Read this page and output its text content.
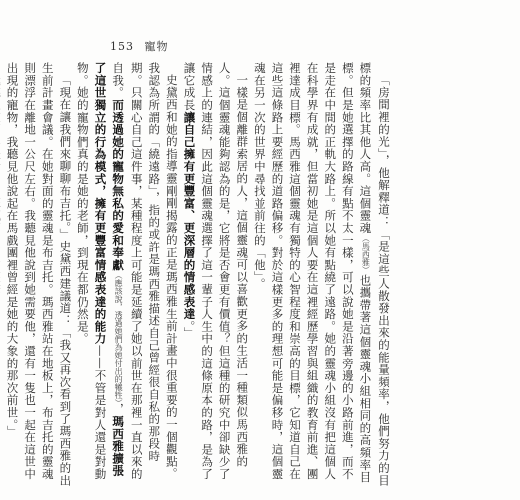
153 寵物

「房間裡的光」，他解釋道：「是這些人散發出來的能量頻率，他們努力的目標的頻率比其他人高。這個靈魂（馬西雅）也攜帶著這個靈魂小組相同的高頻率目標。但是她選擇的路線有點不太一樣，可以說她是沿著旁邊的小路前進，而不是走在中間的正軌大路上。所以她有點繞了遠路。她的靈魂小組沒有把這個人在科學界有成就，但當初她是這個人要在這裡經歷學習與組織的教育前進、團裡達成目標。馬西雅這個靈魂有獨特的心智程度和崇高的目標，它知道自己在這些這條路上要經歷的道路偏移。對於這樣更多的理想可能是偏移時，這個靈魂在另一次的世界中尋找並前往的「他」。

一樣是個離群索居的人，這個靈魂可以喜歡更多的生活一種類似馬西雅的人。這個靈魂能夠認為的是，它將是否會更有價值？但這種的研究中卻缺少了情感上的連結，因此這個靈魂選擇了這一輩子人生中的這條原本的路，是為了讓它成長讓自己擁有更豐富、更深層的情感表達。」

史黛西和她的指導靈剛剛揭露的正是瑪西雅生前計畫中很重要的一個觀點。我認為所謂的「繞遠路」，指的或許是瑪西雅描述自己曾經很自私的那段時期。只關心自己這件事，某種程度上可能是延續了她以前世在那裡一直以來的自我。而透過她的寵物無私的愛和奉獻（應該說，透過她們為她付出的犧牲），瑪西雅擴張了這世獨立的行為模式，擁有更豐富情感表達的能力——不管是對人還是對動物。她的寵物們真的是她的老師，到現在都仍然是。

「現在讓我們來聊聊布吉托。」史黛西建議道：「我又再次看到了瑪西雅的出生前計畫會議。在她對面的靈魂是布吉托。瑪西雅站在地板上，布吉托的靈魂則漂浮在離地一公尺左右。我聽見他說到她需要他，還有一隻也一起在這世中出現的寵物，我聽見他說起在馬戲團裡曾經是她的大象的那次前世。」
